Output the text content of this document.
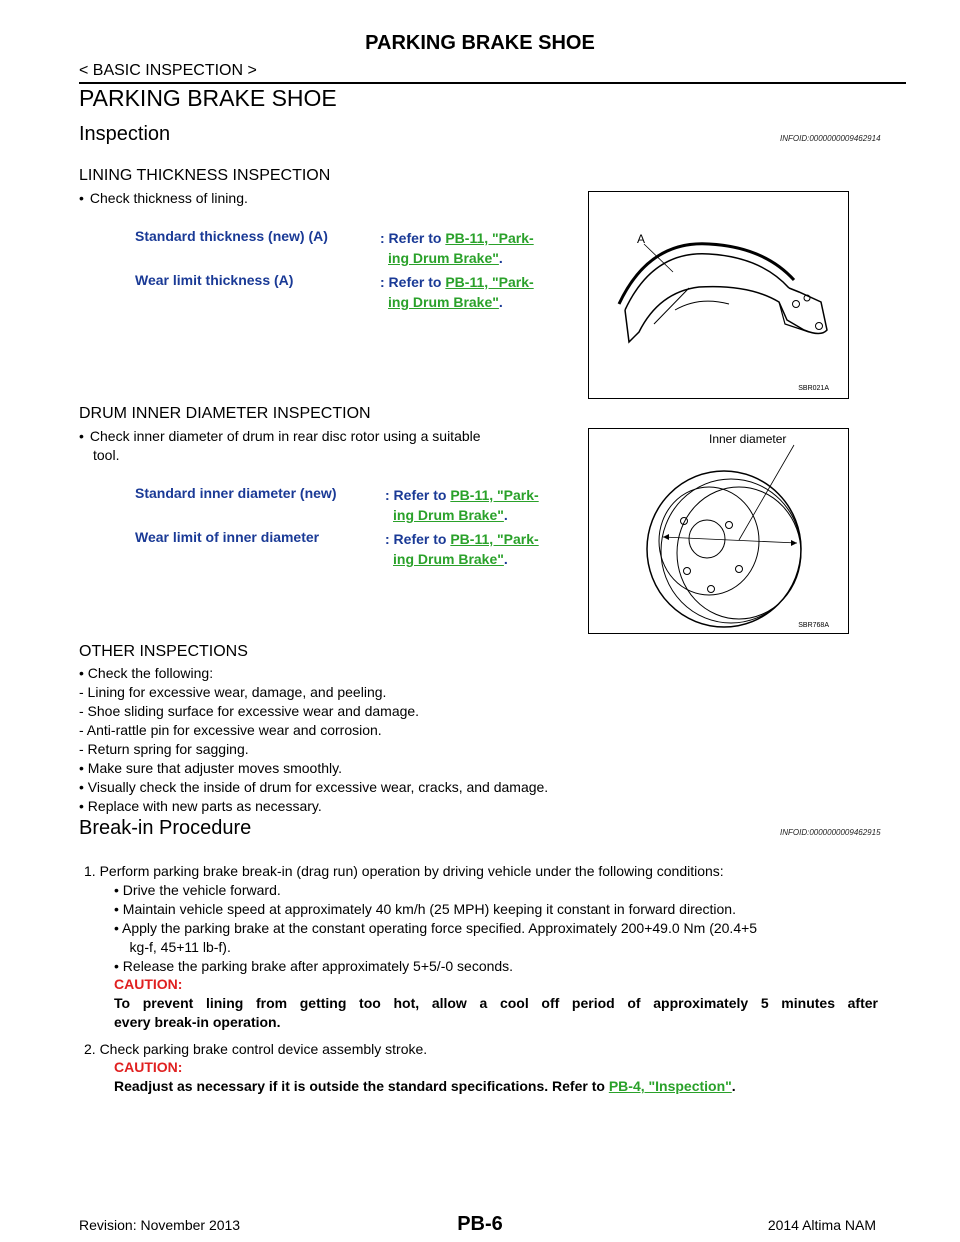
PARKING BRAKE SHOE
< BASIC INSPECTION >
PARKING BRAKE SHOE
Inspection	INFOID:0000000009462914
LINING THICKNESS INSPECTION
• Check thickness of lining.
Standard thickness (new) (A)	: Refer to PB-11, "Park-
ing Drum Brake".
Wear limit thickness (A)	: Refer to PB-11, "Park-
ing Drum Brake".
SBR021A
A
DRUM INNER DIAMETER INSPECTION
• Check inner diameter of drum in rear disc rotor using a suitable
tool.
Standard inner diameter (new)	: Refer to PB-11, "Park-
ing Drum Brake".
Wear limit of inner diameter	: Refer to PB-11, "Park-
ing Drum Brake".
Inner diameter
SBR768A
OTHER INSPECTIONS
• Check the following:
- Lining for excessive wear, damage, and peeling.
- Shoe sliding surface for excessive wear and damage.
- Anti-rattle pin for excessive wear and corrosion.
- Return spring for sagging.
• Make sure that adjuster moves smoothly.
• Visually check the inside of drum for excessive wear, cracks, and damage.
• Replace with new parts as necessary.
Break-in Procedure	INFOID:0000000009462915
1. Perform parking brake break-in (drag run) operation by driving vehicle under the following conditions:
• Drive the vehicle forward.
• Maintain vehicle speed at approximately 40 km/h (25 MPH) keeping it constant in forward direction.
• Apply the parking brake at the constant operating force specified. Approximately 200+49.0 Nm (20.4+5
kg-f, 45+11 lb-f).
• Release the parking brake after approximately 5+5/-0 seconds.
CAUTION:
To prevent lining from getting too hot, allow a cool off period of approximately 5 minutes after
every break-in operation.
2. Check parking brake control device assembly stroke.
CAUTION:
Readjust as necessary if it is outside the standard specifications. Refer to PB-4, "Inspection".
Revision: November 2013	PB-6	2014 Altima NAM
